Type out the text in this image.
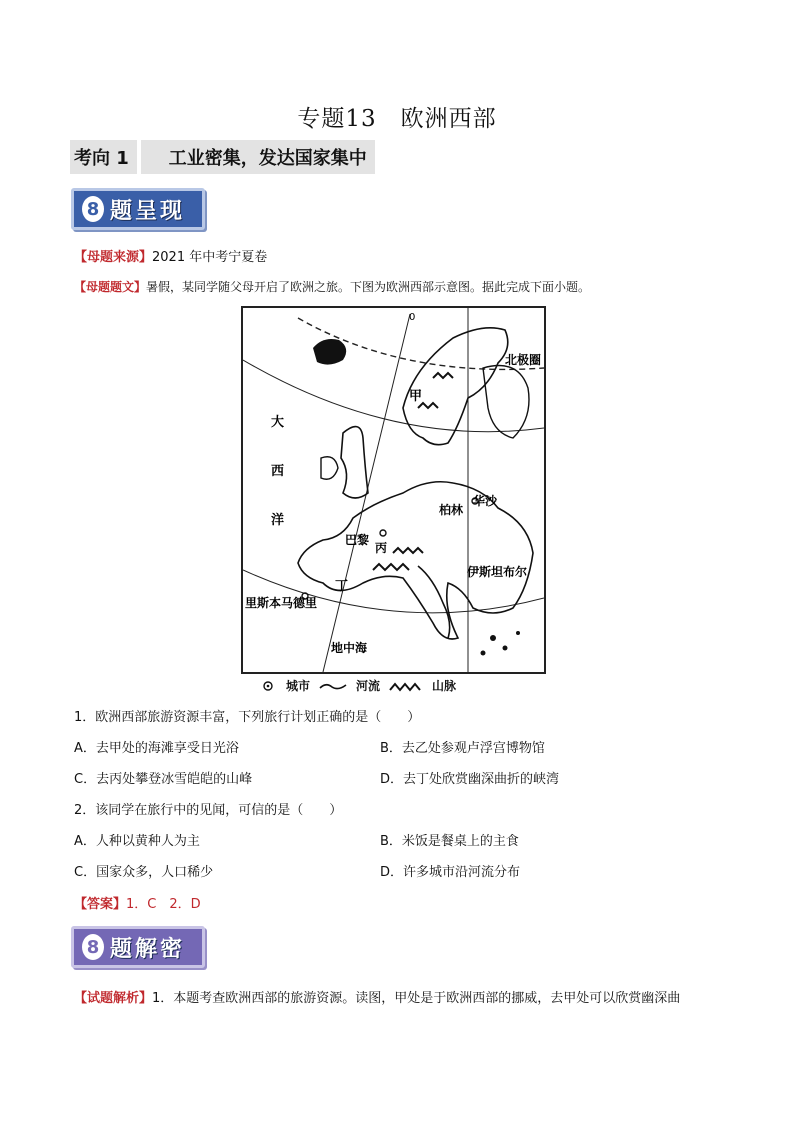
专题13　欧洲西部
考向 1	工业密集，发达国家集中
8 题呈现
【母题来源】2021 年中考宁夏卷
【母题题文】暑假，某同学随父母开启了欧洲之旅。下图为欧洲西部示意图。据此完成下面小题。
0
北极圈
甲
大
西
洋
柏林
华沙
巴黎
丙
伊斯坦布尔
丁
里斯本 马德里
地中海
城市	河流	山脉
1．欧洲西部旅游资源丰富，下列旅行计划正确的是（　　）
A．去甲处的海滩享受日光浴	B．去乙处参观卢浮宫博物馆
C．去丙处攀登冰雪皑皑的山峰	D．去丁处欣赏幽深曲折的峡湾
2．该同学在旅行中的见闻，可信的是（　　）
A．人种以黄种人为主	B．米饭是餐桌上的主食
C．国家众多，人口稀少	D．许多城市沿河流分布
【答案】1．C　2．D
8 题解密
【试题解析】1．本题考查欧洲西部的旅游资源。读图，甲处是于欧洲西部的挪威，去甲处可以欣赏幽深曲
